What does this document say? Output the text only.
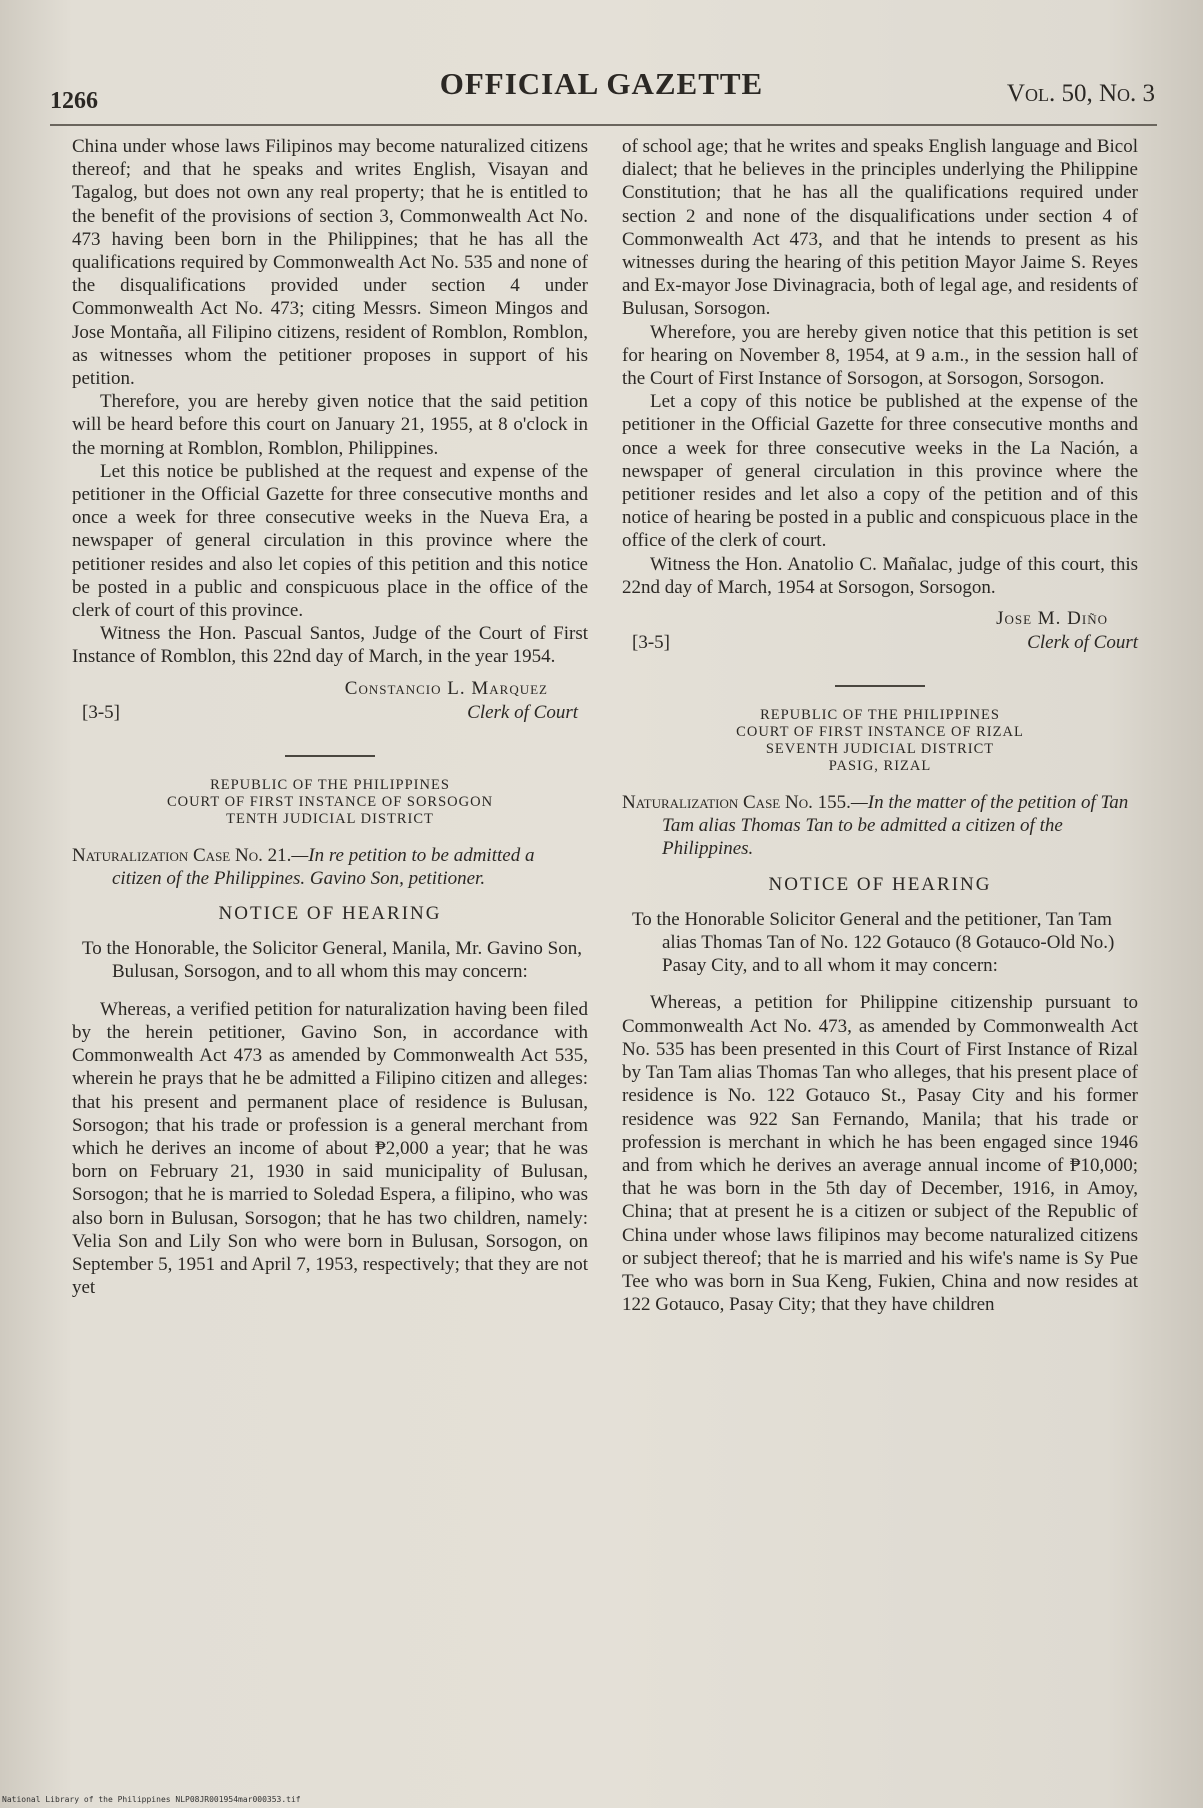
1266	OFFICIAL GAZETTE	Vol. 50, No. 3

China under whose laws Filipinos may become naturalized citizens thereof; and that he speaks and writes English, Visayan and Tagalog, but does not own any real property; that he is entitled to the benefit of the provisions of section 3, Commonwealth Act No. 473 having been born in the Philippines; that he has all the qualifications required by Commonwealth Act No. 535 and none of the disqualifications provided under section 4 under Commonwealth Act No. 473; citing Messrs. Simeon Mingos and Jose Montaña, all Filipino citizens, resident of Romblon, Romblon, as witnesses whom the petitioner proposes in support of his petition.

Therefore, you are hereby given notice that the said petition will be heard before this court on January 21, 1955, at 8 o'clock in the morning at Romblon, Romblon, Philippines.

Let this notice be published at the request and expense of the petitioner in the Official Gazette for three consecutive months and once a week for three consecutive weeks in the Nueva Era, a newspaper of general circulation in this province where the petitioner resides and also let copies of this petition and this notice be posted in a public and conspicuous place in the office of the clerk of court of this province.

Witness the Hon. Pascual Santos, Judge of the Court of First Instance of Romblon, this 22nd day of March, in the year 1954.

Constancio L. Marquez
[3-5]	Clerk of Court
REPUBLIC OF THE PHILIPPINES
COURT OF FIRST INSTANCE OF SORSOGON
TENTH JUDICIAL DISTRICT

Naturalization Case No. 21.—In re petition to be admitted a citizen of the Philippines. Gavino Son, petitioner.

NOTICE OF HEARING

To the Honorable, the Solicitor General, Manila, Mr. Gavino Son, Bulusan, Sorsogon, and to all whom this may concern:

Whereas, a verified petition for naturalization having been filed by the herein petitioner, Gavino Son, in accordance with Commonwealth Act 473 as amended by Commonwealth Act 535, wherein he prays that he be admitted a Filipino citizen and alleges: that his present and permanent place of residence is Bulusan, Sorsogon; that his trade or profession is a general merchant from which he derives an income of about ₱2,000 a year; that he was born on February 21, 1930 in said municipality of Bulusan, Sorsogon; that he is married to Soledad Espera, a filipino, who was also born in Bulusan, Sorsogon; that he has two children, namely: Velia Son and Lily Son who were born in Bulusan, Sorsogon, on September 5, 1951 and April 7, 1953, respectively; that they are not yet

of school age; that he writes and speaks English language and Bicol dialect; that he believes in the principles underlying the Philippine Constitution; that he has all the qualifications required under section 2 and none of the disqualifications under section 4 of Commonwealth Act 473, and that he intends to present as his witnesses during the hearing of this petition Mayor Jaime S. Reyes and Ex-mayor Jose Divinagracia, both of legal age, and residents of Bulusan, Sorsogon.

Wherefore, you are hereby given notice that this petition is set for hearing on November 8, 1954, at 9 a.m., in the session hall of the Court of First Instance of Sorsogon, at Sorsogon, Sorsogon.

Let a copy of this notice be published at the expense of the petitioner in the Official Gazette for three consecutive months and once a week for three consecutive weeks in the La Nación, a newspaper of general circulation in this province where the petitioner resides and let also a copy of the petition and of this notice of hearing be posted in a public and conspicuous place in the office of the clerk of court.

Witness the Hon. Anatolio C. Mañalac, judge of this court, this 22nd day of March, 1954 at Sorsogon, Sorsogon.

Jose M. Diño
[3-5]	Clerk of Court
REPUBLIC OF THE PHILIPPINES
COURT OF FIRST INSTANCE OF RIZAL
SEVENTH JUDICIAL DISTRICT
PASIG, RIZAL

Naturalization Case No. 155.—In the matter of the petition of Tan Tam alias Thomas Tan to be admitted a citizen of the Philippines.

NOTICE OF HEARING

To the Honorable Solicitor General and the petitioner, Tan Tam alias Thomas Tan of No. 122 Gotauco (8 Gotauco-Old No.) Pasay City, and to all whom it may concern:

Whereas, a petition for Philippine citizenship pursuant to Commonwealth Act No. 473, as amended by Commonwealth Act No. 535 has been presented in this Court of First Instance of Rizal by Tan Tam alias Thomas Tan who alleges, that his present place of residence is No. 122 Gotauco St., Pasay City and his former residence was 922 San Fernando, Manila; that his trade or profession is merchant in which he has been engaged since 1946 and from which he derives an average annual income of ₱10,000; that he was born in the 5th day of December, 1916, in Amoy, China; that at present he is a citizen or subject of the Republic of China under whose laws filipinos may become naturalized citizens or subject thereof; that he is married and his wife's name is Sy Pue Tee who was born in Sua Keng, Fukien, China and now resides at 122 Gotauco, Pasay City; that they have children

National Library of the Philippines NLP08JR001954mar000353.tif
